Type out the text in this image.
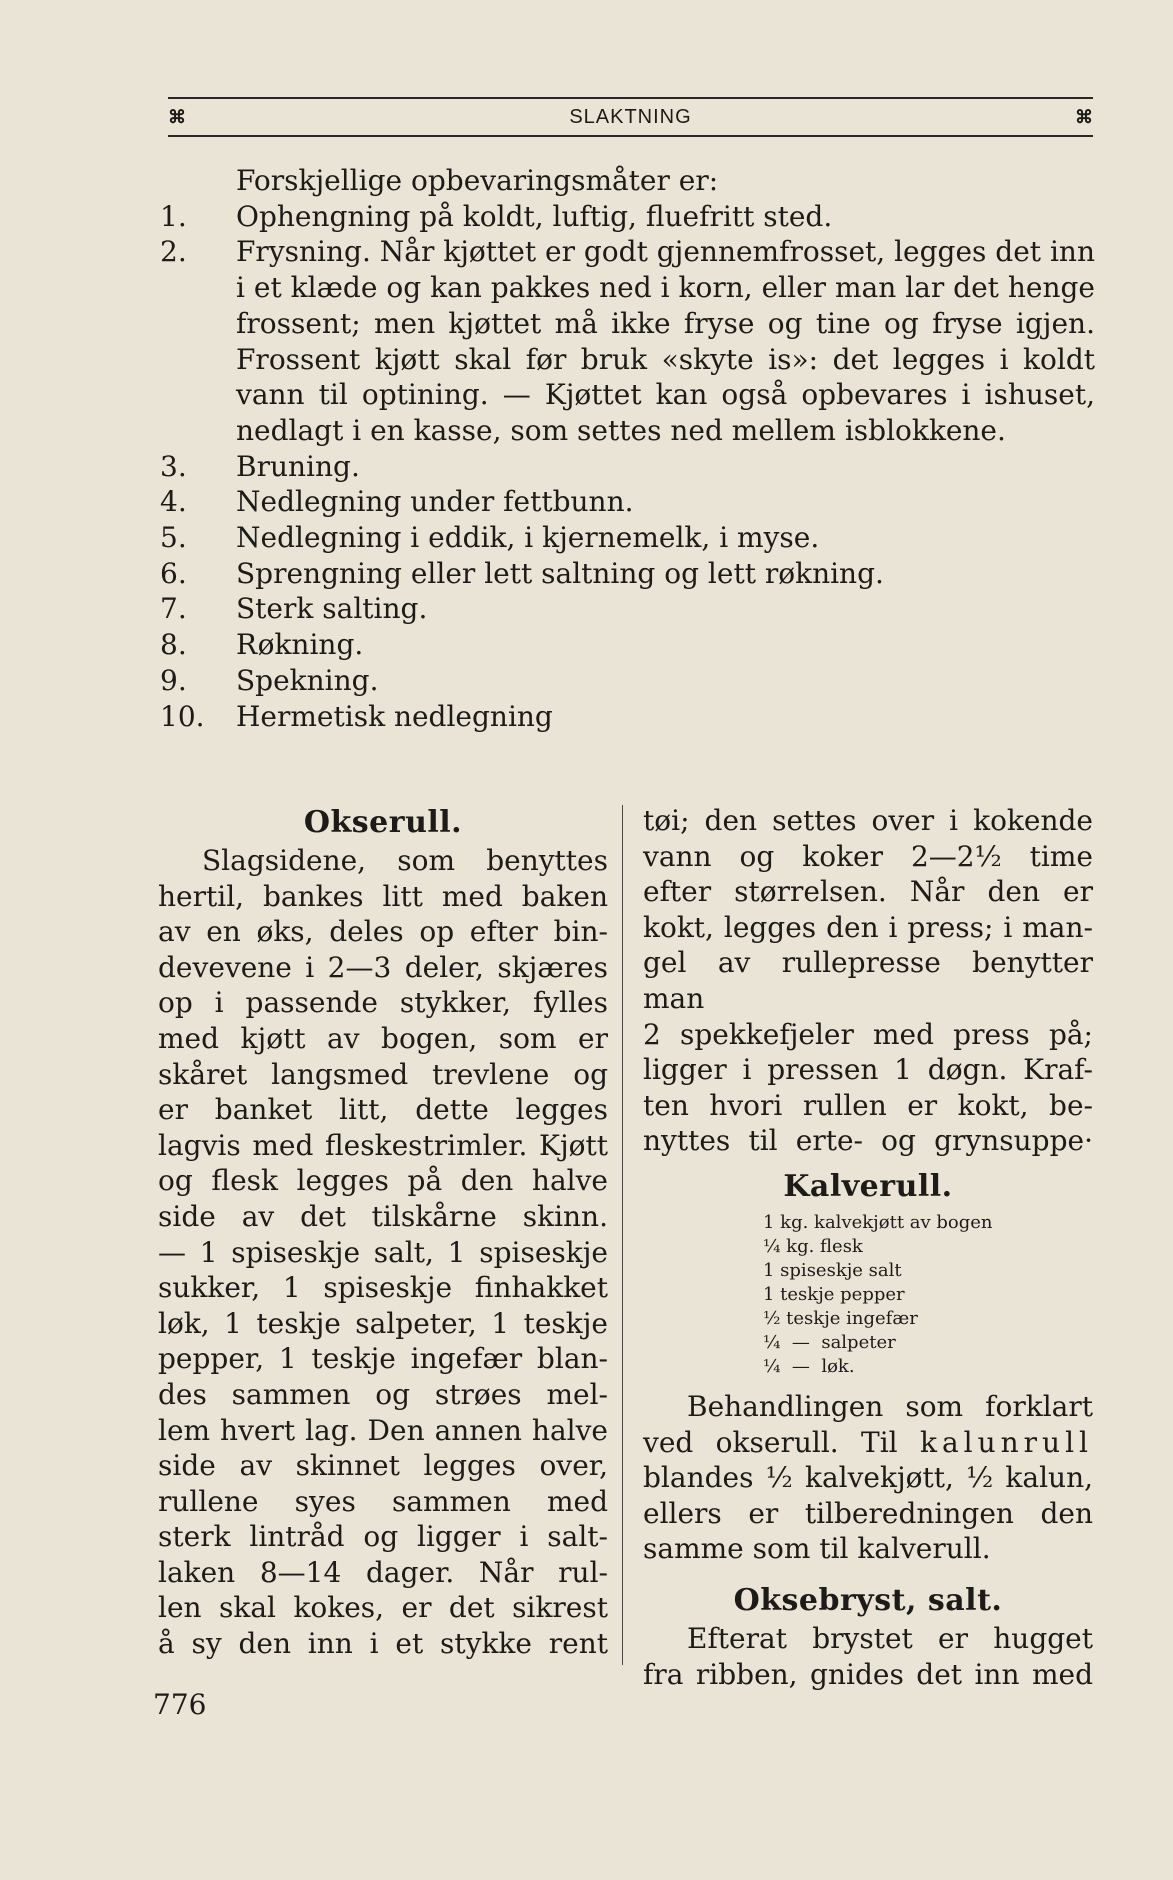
⌘	SLAKTNING	⌘
Forskjellige opbevaringsmåter er:
1.	Ophengning på koldt, luftig, fluefritt sted.
2.	Frysning. Når kjøttet er godt gjennemfrosset, legges det inn i et klæde og kan pakkes ned i korn, eller man lar det henge frossent; men kjøttet må ikke fryse og tine og fryse igjen. Frossent kjøtt skal før bruk «skyte is»: det legges i koldt vann til optining. — Kjøttet kan også opbevares i ishuset, nedlagt i en kasse, som settes ned mellem isblokkene.
3.	Bruning.
4.	Nedlegning under fettbunn.
5.	Nedlegning i eddik, i kjernemelk, i myse.
6.	Sprengning eller lett saltning og lett røkning.
7.	Sterk salting.
8.	Røkning.
9.	Spekning.
10.	Hermetisk nedlegning
Okserull.
Slagsidene, som benyttes
hertil, bankes litt med baken
av en øks, deles op efter bin-
devevene i 2—3 deler, skjæres
op i passende stykker, fylles
med kjøtt av bogen, som er
skåret langsmed trevlene og
er banket litt, dette legges
lagvis med fleskestrimler. Kjøtt
og flesk legges på den halve
side av det tilskårne skinn.
— 1 spiseskje salt, 1 spiseskje
sukker, 1 spiseskje finhakket
løk, 1 teskje salpeter, 1 teskje
pepper, 1 teskje ingefær blan-
des sammen og strøes mel-
lem hvert lag. Den annen halve
side av skinnet legges over,
rullene syes sammen med
sterk lintråd og ligger i salt-
laken 8—14 dager. Når rul-
len skal kokes, er det sikrest
å sy den inn i et stykke rent
tøi; den settes over i kokende
vann og koker 2—2½ time
efter størrelsen. Når den er
kokt, legges den i press; i man-
gel av rullepresse benytter man
2 spekkefjeler med press på;
ligger i pressen 1 døgn. Kraf-
ten hvori rullen er kokt, be-
nyttes til erte- og grynsuppe·
Kalverull.
1 kg. kalvekjøtt av bogen
¼ kg. flesk
1 spiseskje salt
1 teskje pepper
½ teskje ingefær
¼  —  salpeter
¼  —  løk.
Behandlingen som forklart
ved okserull. Til kalunrull
blandes ½ kalvekjøtt, ½ kalun,
ellers er tilberedningen den
samme som til kalverull.
Oksebryst, salt.
Efterat brystet er hugget
fra ribben, gnides det inn med
776
